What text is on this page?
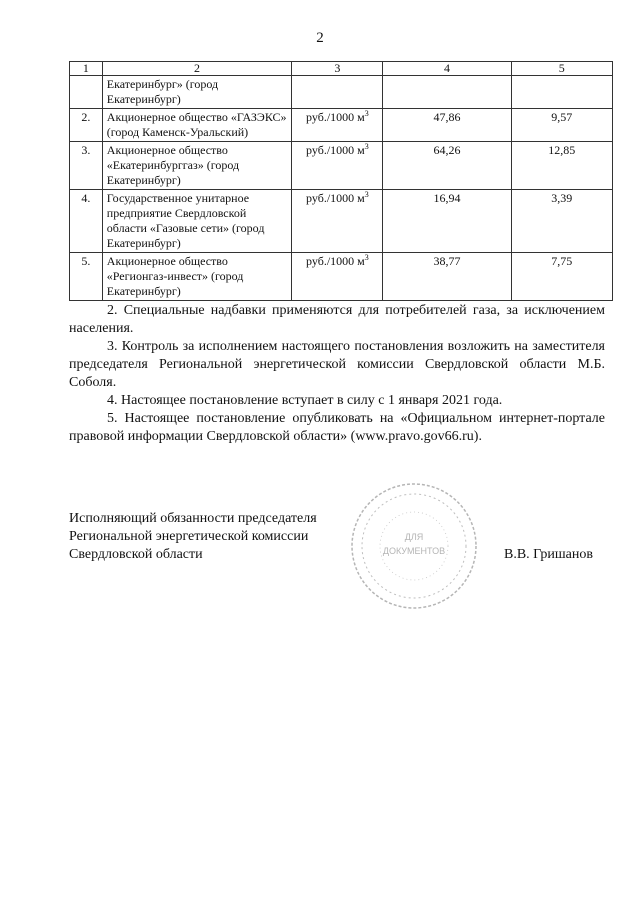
2
1	2	3	4	5
	Екатеринбург» (город Екатеринбург)			
2.	Акционерное общество «ГАЗЭКС» (город Каменск-Уральский)	руб./1000 $м^3$	47,86	9,57
3.	Акционерное общество «Екатеринбурггаз» (город Екатеринбург)	руб./1000 $м^3$	64,26	12,85
4.	Государственное унитарное предприятие Свердловской области «Газовые сети» (город Екатеринбург)	руб./1000 $м^3$	16,94	3,39
5.	Акционерное общество «Регионгаз-инвест» (город Екатеринбург)	руб./1000 $м^3$	38,77	7,75

2. Специальные надбавки применяются для потребителей газа, за исключением населения.

3. Контроль за исполнением настоящего постановления возложить на заместителя председателя Региональной энергетической комиссии Свердловской области М.Б. Соболя.

4. Настоящее постановление вступает в силу с 1 января 2021 года.

5. Настоящее постановление опубликовать на «Официальном интернет-портале правовой информации Свердловской области» (www.pravo.gov66.ru).

Исполняющий обязанности председателя
Региональной энергетической комиссии
Свердловской области
ДЛЯ
ДОКУМЕНТОВ	В.В. Гришанов
